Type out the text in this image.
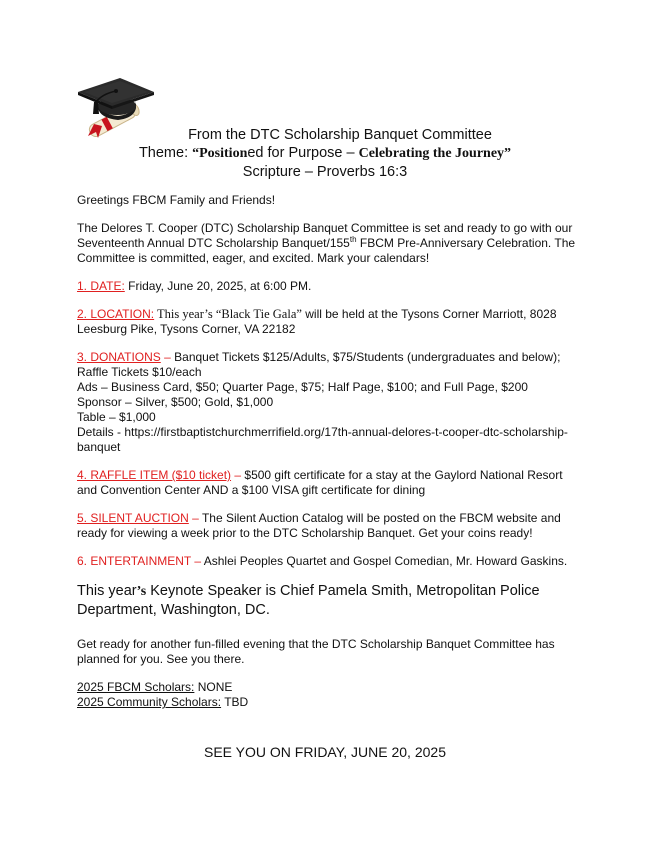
From the DTC Scholarship Banquet Committee
Theme: “Positioned for Purpose – Celebrating the Journey”
Scripture – Proverbs 16:3

Greetings FBCM Family and Friends!

The Delores T. Cooper (DTC) Scholarship Banquet Committee is set and ready to go with our Seventeenth Annual DTC Scholarship Banquet/155th FBCM Pre-Anniversary Celebration. The Committee is committed, eager, and excited. Mark your calendars!

1. DATE: Friday, June 20, 2025, at 6:00 PM.

2. LOCATION: This year’s “Black Tie Gala” will be held at the Tysons Corner Marriott, 8028 Leesburg Pike, Tysons Corner, VA 22182

3. DONATIONS – Banquet Tickets $125/Adults, $75/Students (undergraduates and below); Raffle Tickets $10/each
Ads – Business Card, $50; Quarter Page, $75; Half Page, $100; and Full Page, $200
Sponsor – Silver, $500; Gold, $1,000
Table – $1,000
Details - https://firstbaptistchurchmerrifield.org/17th-annual-delores-t-cooper-dtc-scholarship-banquet

4. RAFFLE ITEM ($10 ticket) – $500 gift certificate for a stay at the Gaylord National Resort and Convention Center AND a $100 VISA gift certificate for dining

5. SILENT AUCTION – The Silent Auction Catalog will be posted on the FBCM website and ready for viewing a week prior to the DTC Scholarship Banquet. Get your coins ready!

6. ENTERTAINMENT – Ashlei Peoples Quartet and Gospel Comedian, Mr. Howard Gaskins.

This year’s Keynote Speaker is Chief Pamela Smith, Metropolitan Police Department, Washington, DC.

Get ready for another fun-filled evening that the DTC Scholarship Banquet Committee has planned for you. See you there.

2025 FBCM Scholars: NONE
2025 Community Scholars: TBD

SEE YOU ON FRIDAY, JUNE 20, 2025
